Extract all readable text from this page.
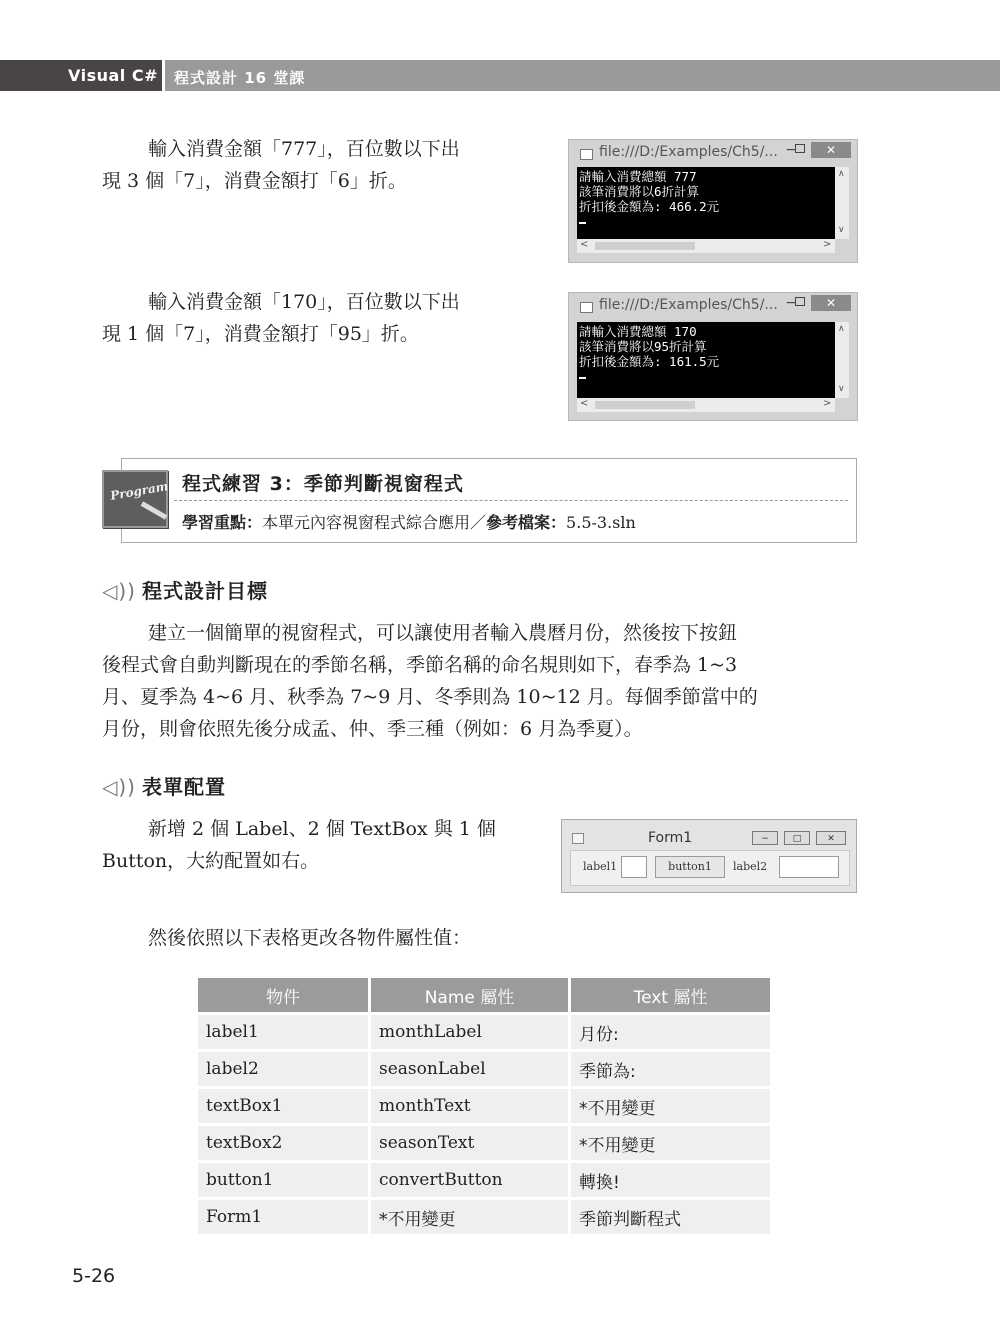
Visual C# 程式設計 16 堂課

輸入消費金額「777」，百位數以下出

現 3 個「7」，消費金額打「6」折。

file:///D:/Examples/Ch5/... −	✕
請輸入消費總額 777
該筆消費將以6折計算
折扣後金額為: 466.2元
∧
∨
<	>

輸入消費金額「170」，百位數以下出

現 1 個「7」，消費金額打「95」折。

file:///D:/Examples/Ch5/... −	✕
請輸入消費總額 170
該筆消費將以95折計算
折扣後金額為: 161.5元
∧
∨
<	>
程式練習 3：季節判斷視窗程式
學習重點：本單元內容視窗程式綜合應用／參考檔案：5.5-3.sln
Program
◁)) 程式設計目標

建立一個簡單的視窗程式，可以讓使用者輸入農曆月份，然後按下按鈕

後程式會自動判斷現在的季節名稱，季節名稱的命名規則如下，春季為 1~3

月、夏季為 4~6 月、秋季為 7~9 月、冬季則為 10~12 月。每個季節當中的

月份，則會依照先後分成孟、仲、季三種（例如：6 月為季夏）。

◁)) 表單配置

新增 2 個 Label、2 個 TextBox 與 1 個

Button，大約配置如右。

Form1	−	□	✕
label1	button1	label2
然後依照以下表格更改各物件屬性值：
物件	Name 屬性	Text 屬性
label1	monthLabel	月份:
label2	seasonLabel	季節為:
textBox1	monthText	*不用變更
textBox2	seasonText	*不用變更
button1	convertButton	轉換!
Form1	*不用變更	季節判斷程式
5-26
